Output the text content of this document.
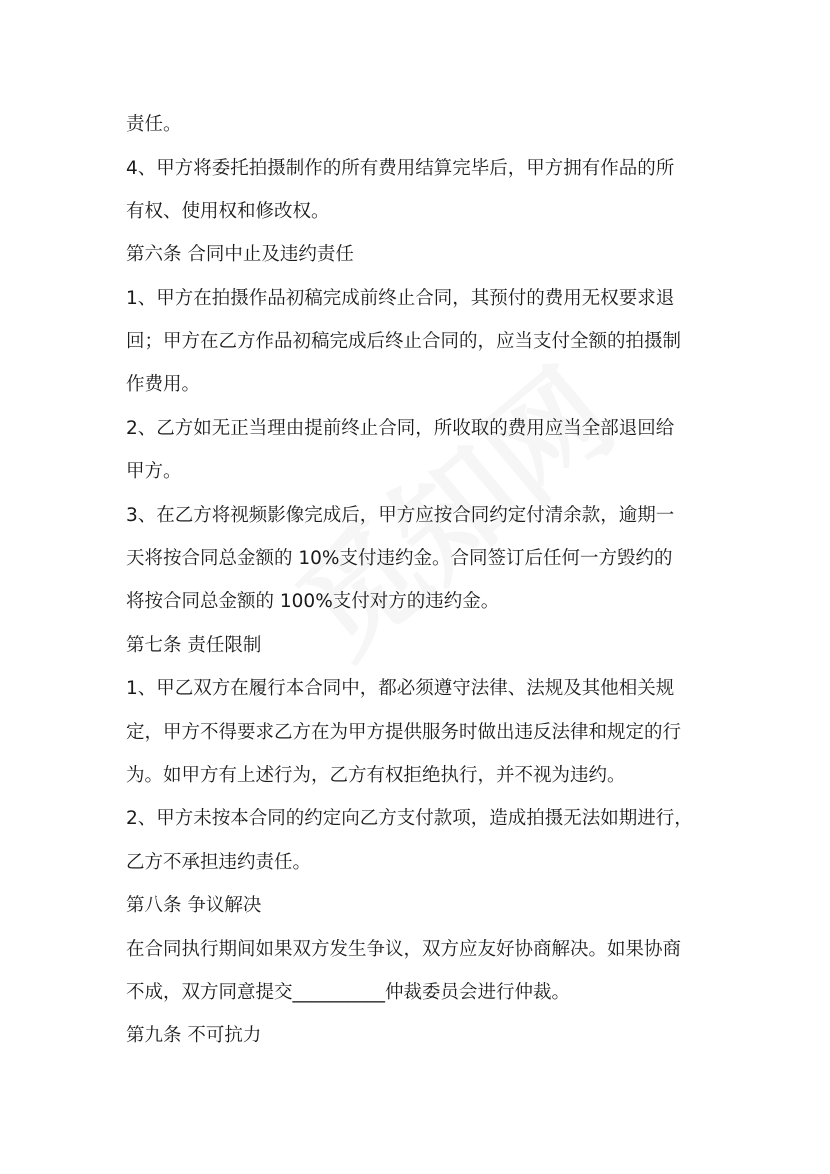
责任。
4、甲方将委托拍摄制作的所有费用结算完毕后，甲方拥有作品的所
有权、使用权和修改权。
第六条 合同中止及违约责任
1、甲方在拍摄作品初稿完成前终止合同，其预付的费用无权要求退
回；甲方在乙方作品初稿完成后终止合同的，应当支付全额的拍摄制
作费用。
2、乙方如无正当理由提前终止合同，所收取的费用应当全部退回给
甲方。
3、在乙方将视频影像完成后，甲方应按合同约定付清余款，逾期一
天将按合同总金额的 10%支付违约金。合同签订后任何一方毁约的
将按合同总金额的 100%支付对方的违约金。
第七条 责任限制
1、甲乙双方在履行本合同中，都必须遵守法律、法规及其他相关规
定，甲方不得要求乙方在为甲方提供服务时做出违反法律和规定的行
为。如甲方有上述行为，乙方有权拒绝执行，并不视为违约。
2、甲方未按本合同的约定向乙方支付款项，造成拍摄无法如期进行，
乙方不承担违约责任。
第八条 争议解决
在合同执行期间如果双方发生争议，双方应友好协商解决。如果协商
不成，双方同意提交__________仲裁委员会进行仲裁。
第九条 不可抗力
